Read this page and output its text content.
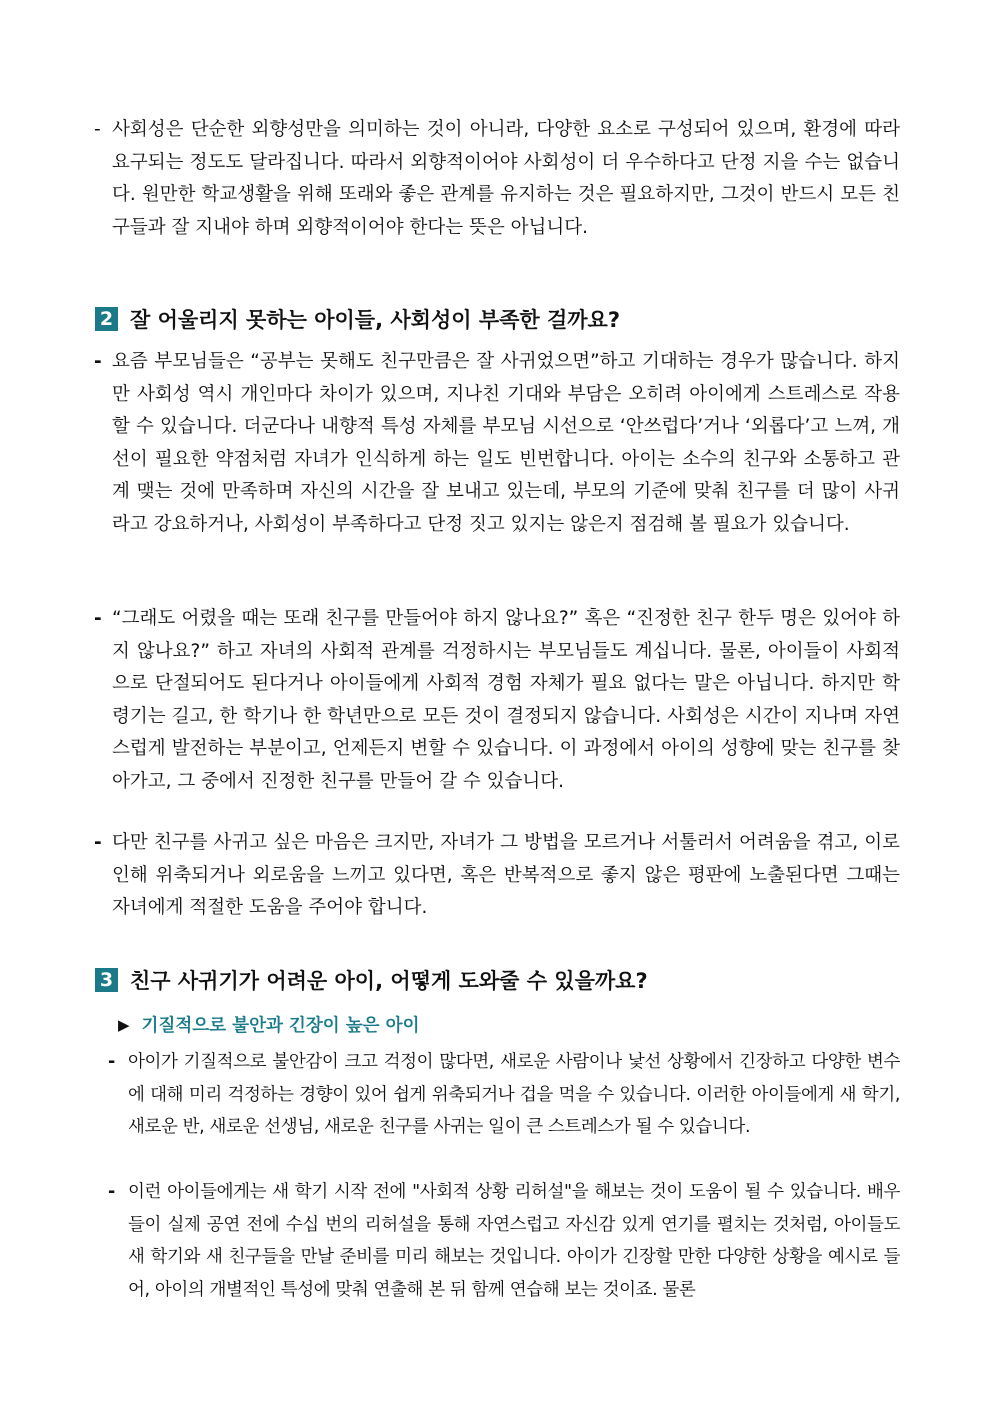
- 사회성은 단순한 외향성만을 의미하는 것이 아니라, 다양한 요소로 구성되어 있으며, 환경에 따라 요구되는 정도도 달라집니다. 따라서 외향적이어야 사회성이 더 우수하다고 단정 지을 수는 없습니다. 원만한 학교생활을 위해 또래와 좋은 관계를 유지하는 것은 필요하지만, 그것이 반드시 모든 친구들과 잘 지내야 하며 외향적이어야 한다는 뜻은 아닙니다.
2 잘 어울리지 못하는 아이들, 사회성이 부족한 걸까요?
- 요즘 부모님들은 “공부는 못해도 친구만큼은 잘 사귀었으면”하고 기대하는 경우가 많습니다. 하지만 사회성 역시 개인마다 차이가 있으며, 지나친 기대와 부담은 오히려 아이에게 스트레스로 작용할 수 있습니다. 더군다나 내향적 특성 자체를 부모님 시선으로 ‘안쓰럽다’거나 ‘외롭다’고 느껴, 개선이 필요한 약점처럼 자녀가 인식하게 하는 일도 빈번합니다. 아이는 소수의 친구와 소통하고 관계 맺는 것에 만족하며 자신의 시간을 잘 보내고 있는데, 부모의 기준에 맞춰 친구를 더 많이 사귀라고 강요하거나, 사회성이 부족하다고 단정 짓고 있지는 않은지 점검해 볼 필요가 있습니다.
- “그래도 어렸을 때는 또래 친구를 만들어야 하지 않나요?” 혹은 “진정한 친구 한두 명은 있어야 하지 않나요?” 하고 자녀의 사회적 관계를 걱정하시는 부모님들도 계십니다. 물론, 아이들이 사회적으로 단절되어도 된다거나 아이들에게 사회적 경험 자체가 필요 없다는 말은 아닙니다. 하지만 학령기는 길고, 한 학기나 한 학년만으로 모든 것이 결정되지 않습니다. 사회성은 시간이 지나며 자연스럽게 발전하는 부분이고, 언제든지 변할 수 있습니다. 이 과정에서 아이의 성향에 맞는 친구를 찾아가고, 그 중에서 진정한 친구를 만들어 갈 수 있습니다.
- 다만 친구를 사귀고 싶은 마음은 크지만, 자녀가 그 방법을 모르거나 서툴러서 어려움을 겪고, 이로 인해 위축되거나 외로움을 느끼고 있다면, 혹은 반복적으로 좋지 않은 평판에 노출된다면 그때는 자녀에게 적절한 도움을 주어야 합니다.
3 친구 사귀기가 어려운 아이, 어떻게 도와줄 수 있을까요?
▶ 기질적으로 불안과 긴장이 높은 아이
- 아이가 기질적으로 불안감이 크고 걱정이 많다면, 새로운 사람이나 낯선 상황에서 긴장하고 다양한 변수에 대해 미리 걱정하는 경향이 있어 쉽게 위축되거나 겁을 먹을 수 있습니다. 이러한 아이들에게 새 학기, 새로운 반, 새로운 선생님, 새로운 친구를 사귀는 일이 큰 스트레스가 될 수 있습니다.
- 이런 아이들에게는 새 학기 시작 전에 "사회적 상황 리허설"을 해보는 것이 도움이 될 수 있습니다. 배우들이 실제 공연 전에 수십 번의 리허설을 통해 자연스럽고 자신감 있게 연기를 펼치는 것처럼, 아이들도 새 학기와 새 친구들을 만날 준비를 미리 해보는 것입니다. 아이가 긴장할 만한 다양한 상황을 예시로 들어, 아이의 개별적인 특성에 맞춰 연출해 본 뒤 함께 연습해 보는 것이죠. 물론
